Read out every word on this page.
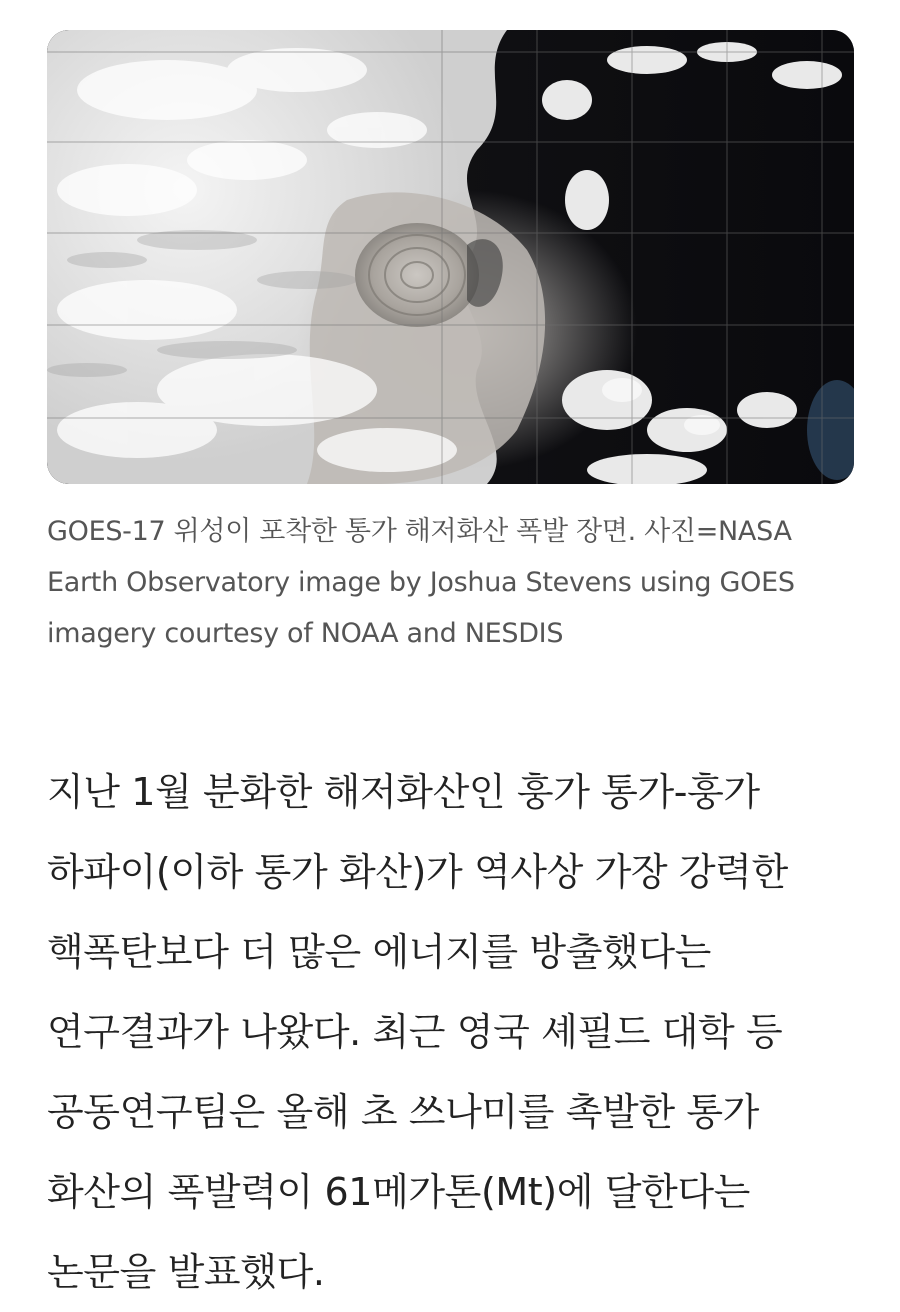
GOES-17 위성이 포착한 통가 해저화산 폭발 장면. 사진=NASA Earth Observatory image by Joshua Stevens using GOES imagery courtesy of NOAA and NESDIS

지난 1월 분화한 해저화산인 훙가 통가-훙가 하파이(이하 통가 화산)가 역사상 가장 강력한 핵폭탄보다 더 많은 에너지를 방출했다는 연구결과가 나왔다. 최근 영국 셰필드 대학 등 공동연구팀은 올해 초 쓰나미를 촉발한 통가 화산의 폭발력이 61메가톤(Mt)에 달한다는 논문을 발표했다.
